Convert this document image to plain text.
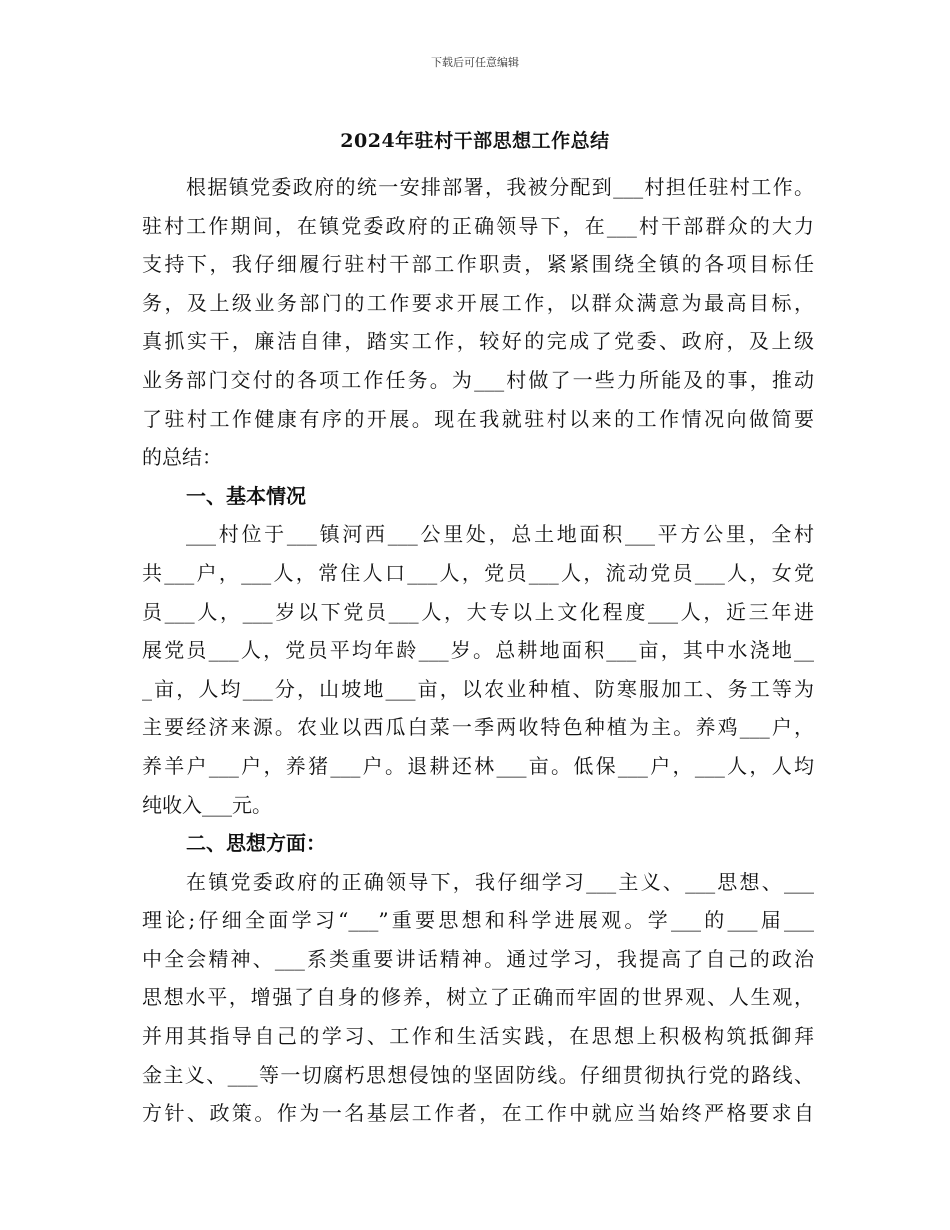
下载后可任意编辑
2024年驻村干部思想工作总结
根据镇党委政府的统一安排部署，我被分配到___村担任驻村工作。
驻村工作期间，在镇党委政府的正确领导下，在___村干部群众的大力
支持下，我仔细履行驻村干部工作职责，紧紧围绕全镇的各项目标任
务，及上级业务部门的工作要求开展工作，以群众满意为最高目标，
真抓实干，廉洁自律，踏实工作，较好的完成了党委、政府，及上级
业务部门交付的各项工作任务。为___村做了一些力所能及的事，推动
了驻村工作健康有序的开展。现在我就驻村以来的工作情况向做简要
的总结：
一、基本情况
___村位于___镇河西___公里处，总土地面积___平方公里，全村
共___户，___人，常住人口___人，党员___人，流动党员___人，女党
员___人，___岁以下党员___人，大专以上文化程度___人，近三年进
展党员___人，党员平均年龄___岁。总耕地面积___亩，其中水浇地__
_亩，人均___分，山坡地___亩，以农业种植、防寒服加工、务工等为
主要经济来源。农业以西瓜白菜一季两收特色种植为主。养鸡___户，
养羊户___户，养猪___户。退耕还林___亩。低保___户，___人，人均
纯收入___元。
二、思想方面：
在镇党委政府的正确领导下，我仔细学习___主义、___思想、___
理论;仔细全面学习“___”重要思想和科学进展观。学___的___届___
中全会精神、___系类重要讲话精神。通过学习，我提高了自己的政治
思想水平，增强了自身的修养，树立了正确而牢固的世界观、人生观，
并用其指导自己的学习、工作和生活实践，在思想上积极构筑抵御拜
金主义、___等一切腐朽思想侵蚀的坚固防线。仔细贯彻执行党的路线、
方针、政策。作为一名基层工作者，在工作中就应当始终严格要求自
